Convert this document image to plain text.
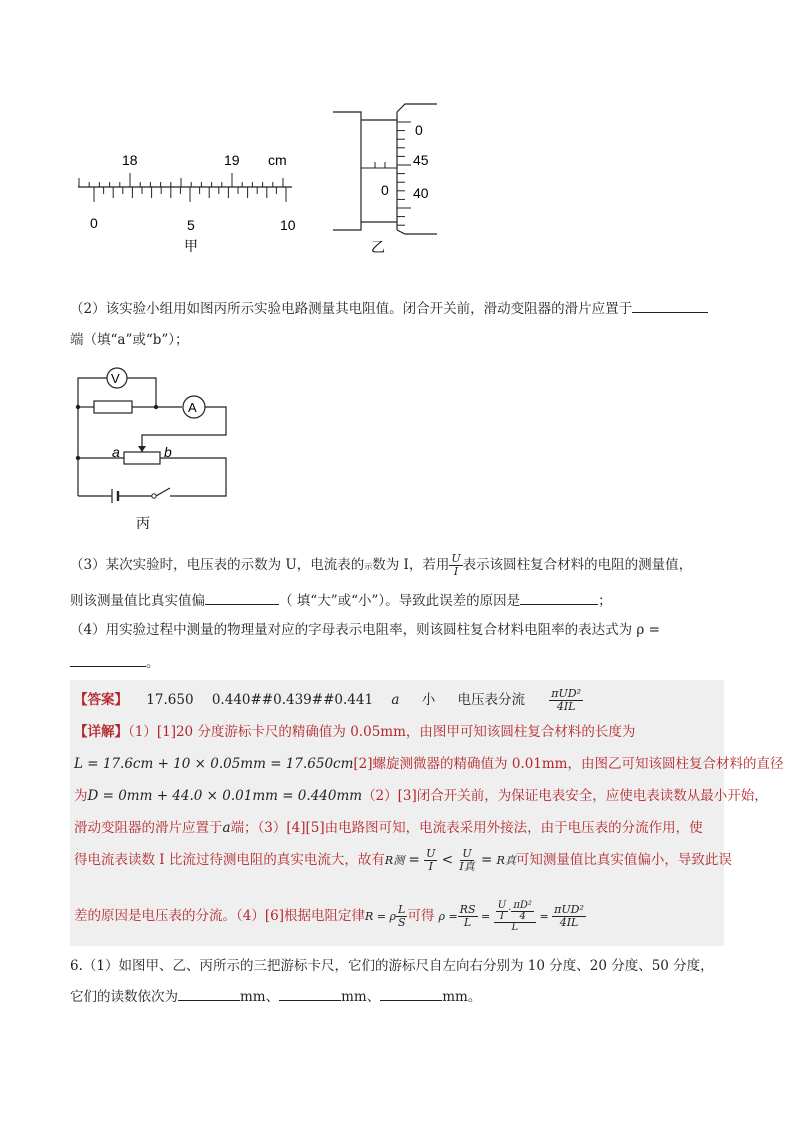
18	19 cm
0	5	10
甲
0
45
40
0
乙
（2）该实验小组用如图丙所示实验电路测量其电阻值。闭合开关前，滑动变阻器的滑片应置于
端（填“a”或“b”）；
V
A
a	b
丙
（3）某次实验时，电压表的示数为 U，电流表的示数为 I，若用 $\frac{U}{I}$ 表示该圆柱复合材料的电阻的测量值，
则该测量值比真实值偏	（ 填“大”或“小”）。导致此误差的原因是	；
（4）用实验过程中测量的物理量对应的字母表示电阻率，则该圆柱复合材料电阻率的表达式为 ρ =
。
【答案】 17.650 0.440##0.439##0.441 a 小 电压表分流 $\frac{\text{πUD²}}{4IL}$
【详解】（1）[1]20 分度游标卡尺的精确值为 0.05mm，由图甲可知该圆柱复合材料的长度为
L = 17.6cm + 10 × 0.05mm = 17.650cm[2]螺旋测微器的精确值为 0.01mm，由图乙可知该圆柱复合材料的直径
为D = 0mm + 44.0 × 0.01mm = 0.440mm（2）[3]闭合开关前，为保证电表安全，应使电表读数从最小开始，
滑动变阻器的滑片应置于a端；（3）[4][5]由电路图可知，电流表采用外接法，由于电压表的分流作用，使
得电流表读数 I 比流过待测电阻的真实电流大，故有R测 = $\frac{U}{I} < \frac{U}{\text{I真}} = R$真可知测量值比真实值偏小，导致此误
差的原因是电压表的分流。（4）[6]根据电阻定律R = ρ $\frac{L}{S}$ 可得 $\rho = \frac{RS}{L} = \frac{\frac{U}{I} \cdot \frac{\text{πD²}}{4}}{L} = \frac{\text{πUD²}}{4IL}$
6.（1）如图甲、乙、丙所示的三把游标卡尺，它们的游标尺自左向右分别为 10 分度、20 分度、50 分度，
它们的读数依次为	mm、	mm、	mm。
